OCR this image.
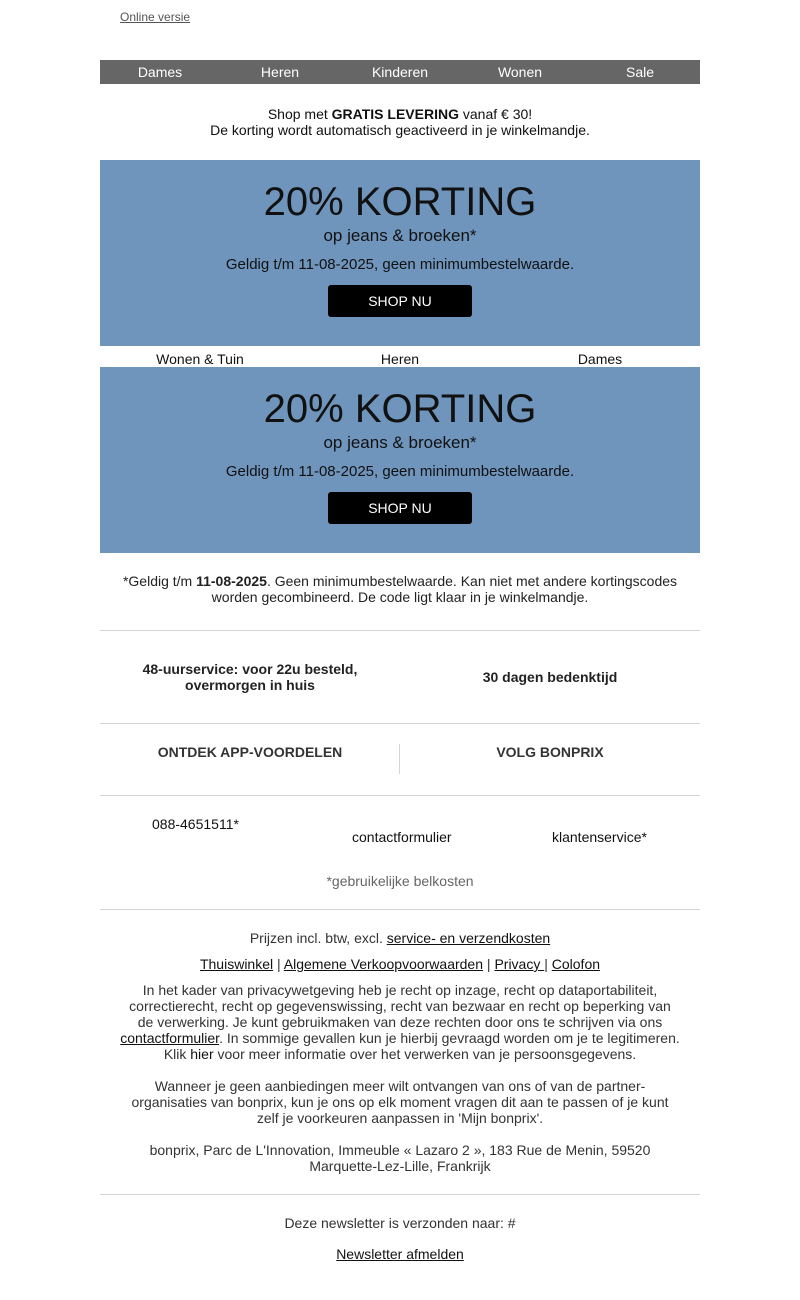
Online versie
Dames	Heren	Kinderen	Wonen	Sale
Shop met GRATIS LEVERING vanaf € 30!
De korting wordt automatisch geactiveerd in je winkelmandje.
20% KORTING
op jeans & broeken*
Geldig t/m 11-08-2025, geen minimumbestelwaarde.
SHOP NU
Wonen & Tuin	Heren	Dames
20% KORTING
op jeans & broeken*
Geldig t/m 11-08-2025, geen minimumbestelwaarde.
SHOP NU
*Geldig t/m 11-08-2025. Geen minimumbestelwaarde. Kan niet met andere kortingscodes worden gecombineerd. De code ligt klaar in je winkelmandje.
48-uurservice: voor 22u besteld, overmorgen in huis	30 dagen bedenktijd
ONTDEK APP-VOORDELEN	VOLG BONPRIX
088-4651511*
contactformulier	klantenservice*
*gebruikelijke belkosten
Prijzen incl. btw, excl. service- en verzendkosten
Thuiswinkel | Algemene Verkoopvoorwaarden | Privacy | Colofon
In het kader van privacywetgeving heb je recht op inzage, recht op dataportabiliteit, correctierecht, recht op gegevenswissing, recht van bezwaar en recht op beperking van de verwerking. Je kunt gebruikmaken van deze rechten door ons te schrijven via ons contactformulier. In sommige gevallen kun je hierbij gevraagd worden om je te legitimeren. Klik hier voor meer informatie over het verwerken van je persoonsgegevens.
Wanneer je geen aanbiedingen meer wilt ontvangen van ons of van de partner-organisaties van bonprix, kun je ons op elk moment vragen dit aan te passen of je kunt zelf je voorkeuren aanpassen in 'Mijn bonprix'.
bonprix, Parc de L'Innovation, Immeuble « Lazaro 2 », 183 Rue de Menin, 59520 Marquette-Lez-Lille, Frankrijk
Deze newsletter is verzonden naar: #
Newsletter afmelden
